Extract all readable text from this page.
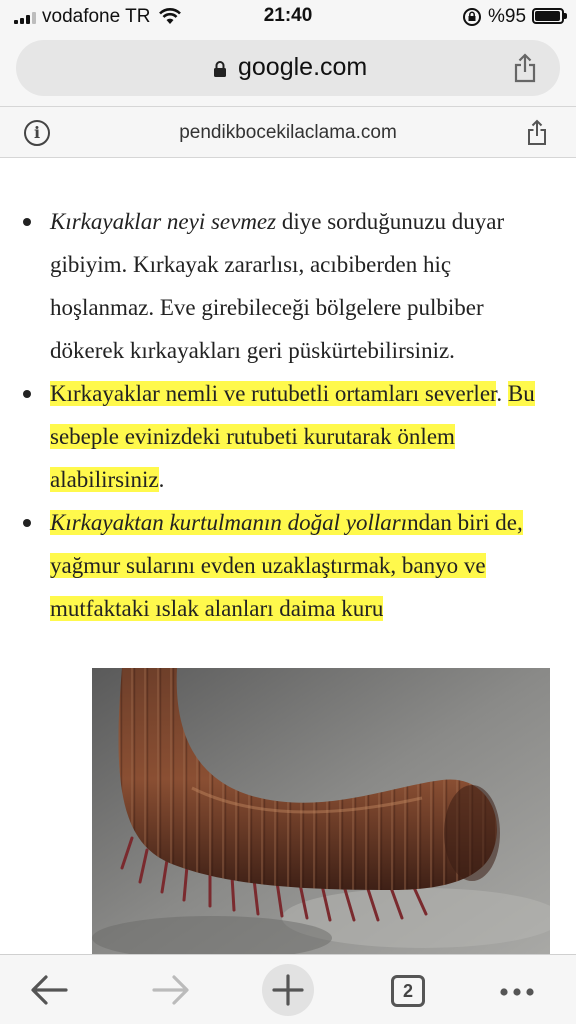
vodafone TR	21:40	%95
google.com
i	pendikbocekilaclama.com
Kırkayaklar neyi sevmez diye sorduğunuzu duyar gibiyim. Kırkayak zararlısı, acıbiberden hiç hoşlanmaz. Eve girebileceği bölgelere pulbiber dökerek kırkayakları geri püskürtebilirsiniz.
Kırkayaklar nemli ve rutubetli ortamları severler. Bu sebeple evinizdeki rutubeti kurutarak önlem alabilirsiniz.
Kırkayaktan kurtulmanın doğal yollarından biri de, yağmur sularını evden uzaklaştırmak, banyo ve mutfaktaki ıslak alanları daima kuru
2
